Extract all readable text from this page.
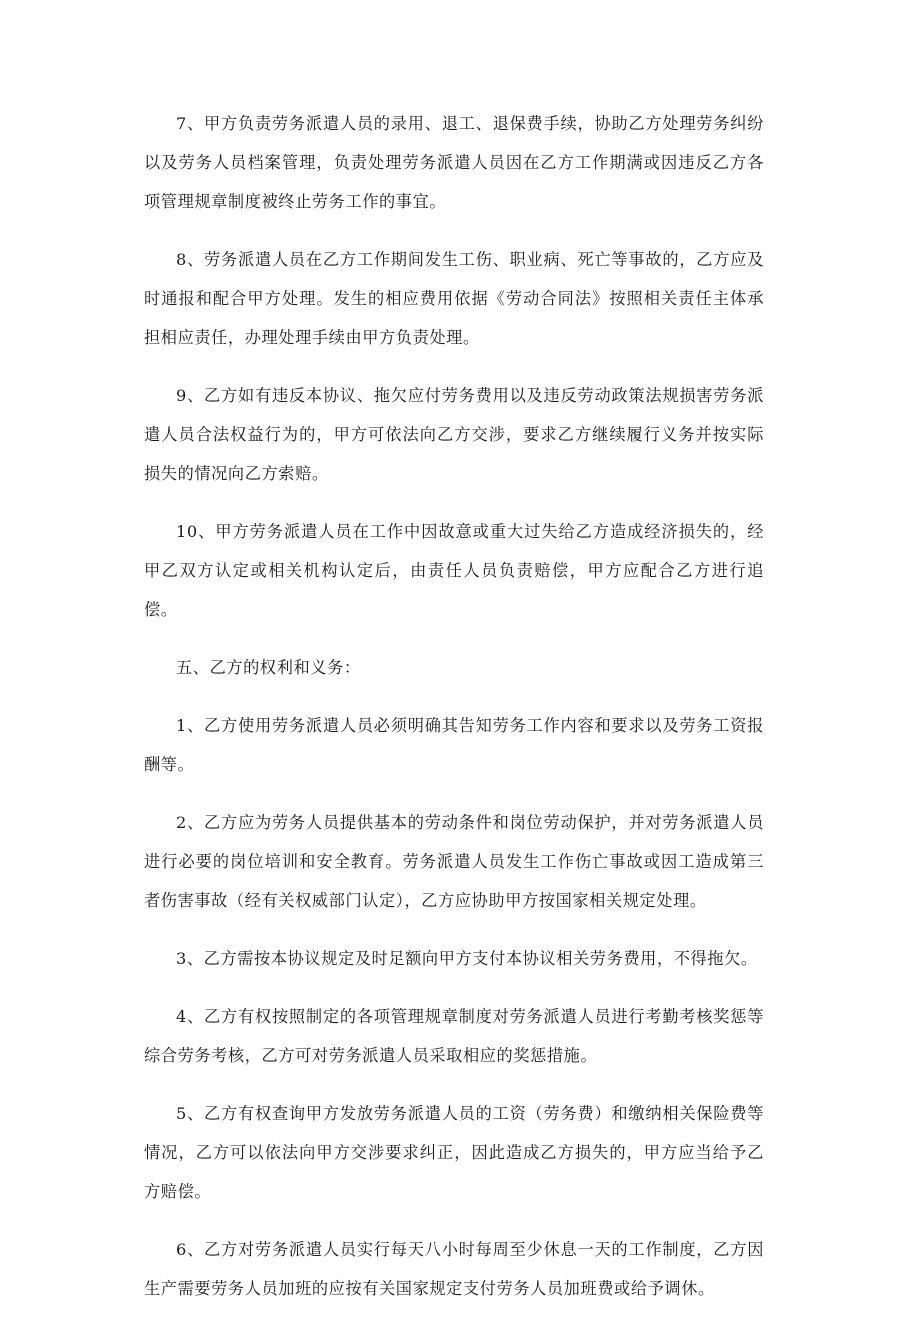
7、甲方负责劳务派遣人员的录用、退工、退保费手续，协助乙方处理劳务纠纷以及劳务人员档案管理，负责处理劳务派遣人员因在乙方工作期满或因违反乙方各项管理规章制度被终止劳务工作的事宜。

8、劳务派遣人员在乙方工作期间发生工伤、职业病、死亡等事故的，乙方应及时通报和配合甲方处理。发生的相应费用依据《劳动合同法》按照相关责任主体承担相应责任，办理处理手续由甲方负责处理。

9、乙方如有违反本协议、拖欠应付劳务费用以及违反劳动政策法规损害劳务派遣人员合法权益行为的，甲方可依法向乙方交涉，要求乙方继续履行义务并按实际损失的情况向乙方索赔。

10、甲方劳务派遣人员在工作中因故意或重大过失给乙方造成经济损失的，经甲乙双方认定或相关机构认定后，由责任人员负责赔偿，甲方应配合乙方进行追偿。

五、乙方的权利和义务：

1、乙方使用劳务派遣人员必须明确其告知劳务工作内容和要求以及劳务工资报酬等。

2、乙方应为劳务人员提供基本的劳动条件和岗位劳动保护，并对劳务派遣人员进行必要的岗位培训和安全教育。劳务派遣人员发生工作伤亡事故或因工造成第三者伤害事故（经有关权威部门认定），乙方应协助甲方按国家相关规定处理。

3、乙方需按本协议规定及时足额向甲方支付本协议相关劳务费用，不得拖欠。

4、乙方有权按照制定的各项管理规章制度对劳务派遣人员进行考勤考核奖惩等综合劳务考核，乙方可对劳务派遣人员采取相应的奖惩措施。

5、乙方有权查询甲方发放劳务派遣人员的工资（劳务费）和缴纳相关保险费等情况，乙方可以依法向甲方交涉要求纠正，因此造成乙方损失的，甲方应当给予乙方赔偿。

6、乙方对劳务派遣人员实行每天八小时每周至少休息一天的工作制度，乙方因生产需要劳务人员加班的应按有关国家规定支付劳务人员加班费或给予调休。
